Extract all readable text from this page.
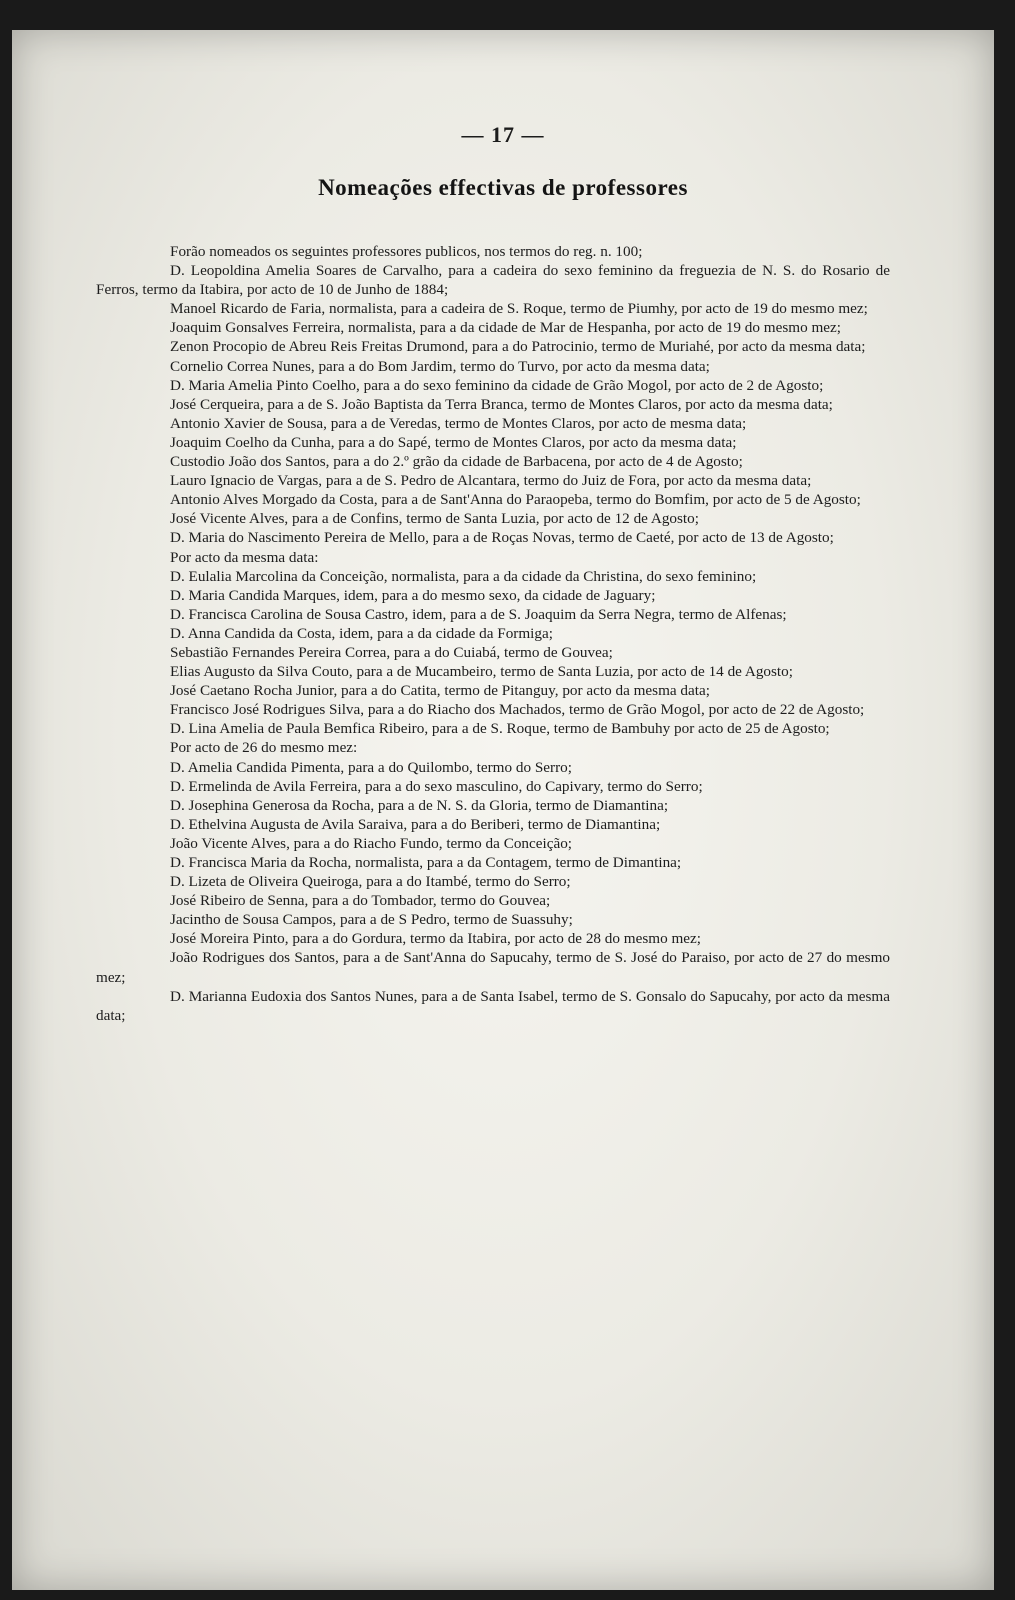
— 17 —
Nomeações effectivas de professores

Forão nomeados os seguintes professores publicos, nos termos do reg. n. 100;

D. Leopoldina Amelia Soares de Carvalho, para a cadeira do sexo feminino da freguezia de N. S. do Rosario de Ferros, termo da Itabira, por acto de 10 de Junho de 1884;

Manoel Ricardo de Faria, normalista, para a cadeira de S. Roque, termo de Piumhy, por acto de 19 do mesmo mez;

Joaquim Gonsalves Ferreira, normalista, para a da cidade de Mar de Hespanha, por acto de 19 do mesmo mez;

Zenon Procopio de Abreu Reis Freitas Drumond, para a do Patrocinio, termo de Muriahé, por acto da mesma data;

Cornelio Correa Nunes, para a do Bom Jardim, termo do Turvo, por acto da mesma data;

D. Maria Amelia Pinto Coelho, para a do sexo feminino da cidade de Grão Mogol, por acto de 2 de Agosto;

José Cerqueira, para a de S. João Baptista da Terra Branca, termo de Montes Claros, por acto da mesma data;

Antonio Xavier de Sousa, para a de Veredas, termo de Montes Claros, por acto de mesma data;

Joaquim Coelho da Cunha, para a do Sapé, termo de Montes Claros, por acto da mesma data;

Custodio João dos Santos, para a do 2.º grão da cidade de Barbacena, por acto de 4 de Agosto;

Lauro Ignacio de Vargas, para a de S. Pedro de Alcantara, termo do Juiz de Fora, por acto da mesma data;

Antonio Alves Morgado da Costa, para a de Sant'Anna do Paraopeba, termo do Bomfim, por acto de 5 de Agosto;

José Vicente Alves, para a de Confins, termo de Santa Luzia, por acto de 12 de Agosto;

D. Maria do Nascimento Pereira de Mello, para a de Roças Novas, termo de Caeté, por acto de 13 de Agosto;

Por acto da mesma data:

D. Eulalia Marcolina da Conceição, normalista, para a da cidade da Christina, do sexo feminino;

D. Maria Candida Marques, idem, para a do mesmo sexo, da cidade de Jaguary;

D. Francisca Carolina de Sousa Castro, idem, para a de S. Joaquim da Serra Negra, termo de Alfenas;

D. Anna Candida da Costa, idem, para a da cidade da Formiga;

Sebastião Fernandes Pereira Correa, para a do Cuiabá, termo de Gouvea;

Elias Augusto da Silva Couto, para a de Mucambeiro, termo de Santa Luzia, por acto de 14 de Agosto;

José Caetano Rocha Junior, para a do Catita, termo de Pitanguy, por acto da mesma data;

Francisco José Rodrigues Silva, para a do Riacho dos Machados, termo de Grão Mogol, por acto de 22 de Agosto;

D. Lina Amelia de Paula Bemfica Ribeiro, para a de S. Roque, termo de Bambuhy por acto de 25 de Agosto;

Por acto de 26 do mesmo mez:

D. Amelia Candida Pimenta, para a do Quilombo, termo do Serro;

D. Ermelinda de Avila Ferreira, para a do sexo masculino, do Capivary, termo do Serro;

D. Josephina Generosa da Rocha, para a de N. S. da Gloria, termo de Diamantina;

D. Ethelvina Augusta de Avila Saraiva, para a do Beriberi, termo de Diamantina;

João Vicente Alves, para a do Riacho Fundo, termo da Conceição;

D. Francisca Maria da Rocha, normalista, para a da Contagem, termo de Dimantina;

D. Lizeta de Oliveira Queiroga, para a do Itambé, termo do Serro;

José Ribeiro de Senna, para a do Tombador, termo do Gouvea;

Jacintho de Sousa Campos, para a de S Pedro, termo de Suassuhy;

José Moreira Pinto, para a do Gordura, termo da Itabira, por acto de 28 do mesmo mez;

João Rodrigues dos Santos, para a de Sant'Anna do Sapucahy, termo de S. José do Paraiso, por acto de 27 do mesmo mez;

D. Marianna Eudoxia dos Santos Nunes, para a de Santa Isabel, termo de S. Gonsalo do Sapucahy, por acto da mesma data;
